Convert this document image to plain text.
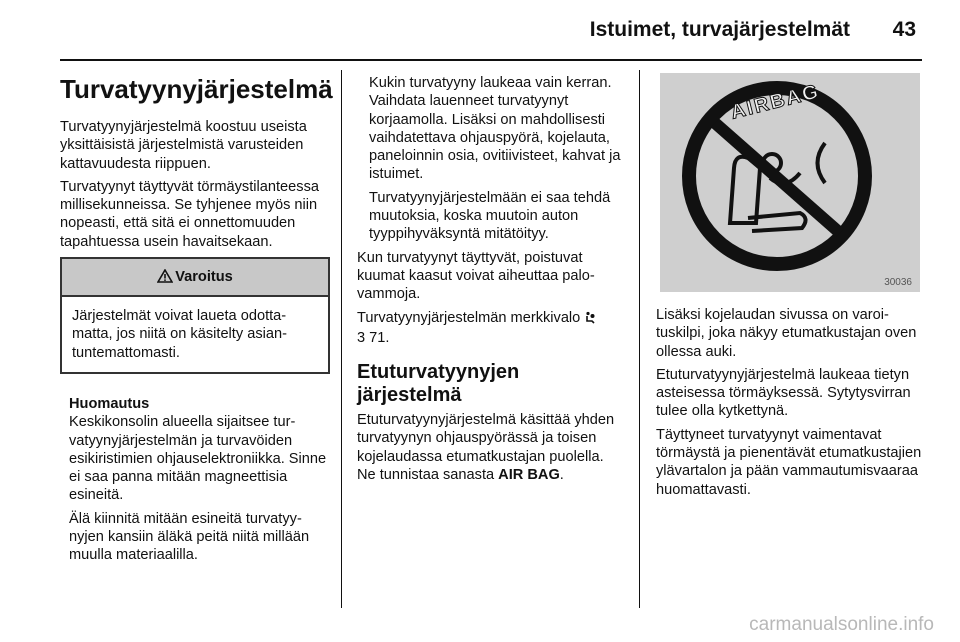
Istuimet, turvajärjestelmät 43
Turvatyynyjärjestelmä

Turvatyynyjärjestelmä koostuu useista yksittäisistä järjestelmistä varusteiden kattavuudesta riippuen.

Turvatyynyt täyttyvät törmäystilanteessa millisekunneissa. Se tyhjenee myös niin nopeasti, että sitä ei onnettomuuden tapahtuessa usein havaitsekaan.

Varoitus
Järjestelmät voivat laueta odottamatta, jos niitä on käsitelty asiantuntemattomasti.
Huomautus

Keskikonsolin alueella sijaitsee turvatyynyjärjestelmän ja turvavöiden esikiristimien ohjauselektroniikka. Sinne ei saa panna mitään magneettisia esineitä.

Älä kiinnitä mitään esineitä turvatyynyjen kansiin äläkä peitä niitä millään muulla materiaalilla.

Kukin turvatyyny laukeaa vain kerran. Vaihdata lauenneet turvatyynyt korjaamolla. Lisäksi on mahdollisesti vaihdatettava ohjauspyörä, kojelauta, paneloinnin osia, ovitiivisteet, kahvat ja istuimet.

Turvatyynyjärjestelmään ei saa tehdä muutoksia, koska muutoin auton tyyppihyväksyntä mitätöityy.

Kun turvatyynyt täyttyvät, poistuvat kuumat kaasut voivat aiheuttaa palovammoja.

Turvatyynyjärjestelmän merkkivalo
3 71.

Etuturvatyynyjen järjestelmä

Etuturvatyynyjärjestelmä käsittää yhden turvatyynyn ohjauspyörässä ja toisen kojelaudassa etumatkustajan puolella. Ne tunnistaa sanasta AIR BAG.

AIRBAG
30036

Lisäksi kojelaudan sivussa on varoituskilpi, joka näkyy etumatkustajan oven ollessa auki.

Etuturvatyynyjärjestelmä laukeaa tietyn asteisessa törmäyksessä. Sytytysvirran tulee olla kytkettynä.

Täyttyneet turvatyynyt vaimentavat törmäystä ja pienentävät etumatkustajien ylävartalon ja pään vammautumisvaaraa huomattavasti.

carmanualsonline.info
